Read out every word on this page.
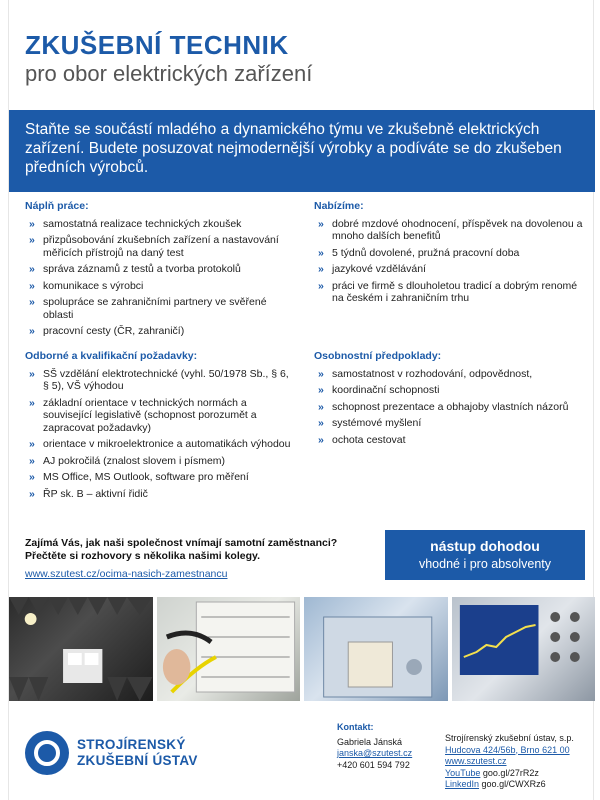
ZKUŠEBNÍ TECHNIK
pro obor elektrických zařízení
Staňte se součástí mladého a dynamického týmu ve zkušebně elektrických zařízení. Budete posuzovat nejmodernější výrobky a podíváte se do zkušeben předních výrobců.
Náplň práce:
» samostatná realizace technických zkoušek
» přizpůsobování zkušebních zařízení a nastavování měřicích přístrojů na daný test
» správa záznamů z testů a tvorba protokolů
» komunikace s výrobci
» spolupráce se zahraničními partnery ve svěřené oblasti
» pracovní cesty (ČR, zahraničí)
Nabízíme:
» dobré mzdové ohodnocení, příspěvek na dovolenou a mnoho dalších benefitů
» 5 týdnů dovolené, pružná pracovní doba
» jazykové vzdělávání
» práci ve firmě s dlouholetou tradicí a dobrým renomé na českém i zahraničním trhu
Odborné a kvalifikační požadavky:
» SŠ vzdělání elektrotechnické (vyhl. 50/1978 Sb., § 6, § 5), VŠ výhodou
» základní orientace v technických normách a související legislativě (schopnost porozumět a zapracovat požadavky)
» orientace v mikroelektronice a automatikách výhodou
» AJ pokročilá (znalost slovem i písmem)
» MS Office, MS Outlook, software pro měření
» ŘP sk. B – aktivní řidič
Osobnostní předpoklady:
» samostatnost v rozhodování, odpovědnost,
» koordinační schopnosti
» schopnost prezentace a obhajoby vlastních názorů
» systémové myšlení
» ochota cestovat
Zajímá Vás, jak naši společnost vnímají samotní zaměstnanci?
Přečtěte si rozhovory s několika našimi kolegy.
www.szutest.cz/ocima-nasich-zamestnancu
nástup dohodou
vhodné i pro absolventy
STROJÍRENSKÝ
ZKUŠEBNÍ ÚSTAV
Kontakt:
Gabriela Jánská
janska@szutest.cz
+420 601 594 792
Strojírenský zkušební ústav, s.p.
Hudcova 424/56b, Brno 621 00
www.szutest.cz
YouTube goo.gl/27rR2z
LinkedIn goo.gl/CWXRz6
